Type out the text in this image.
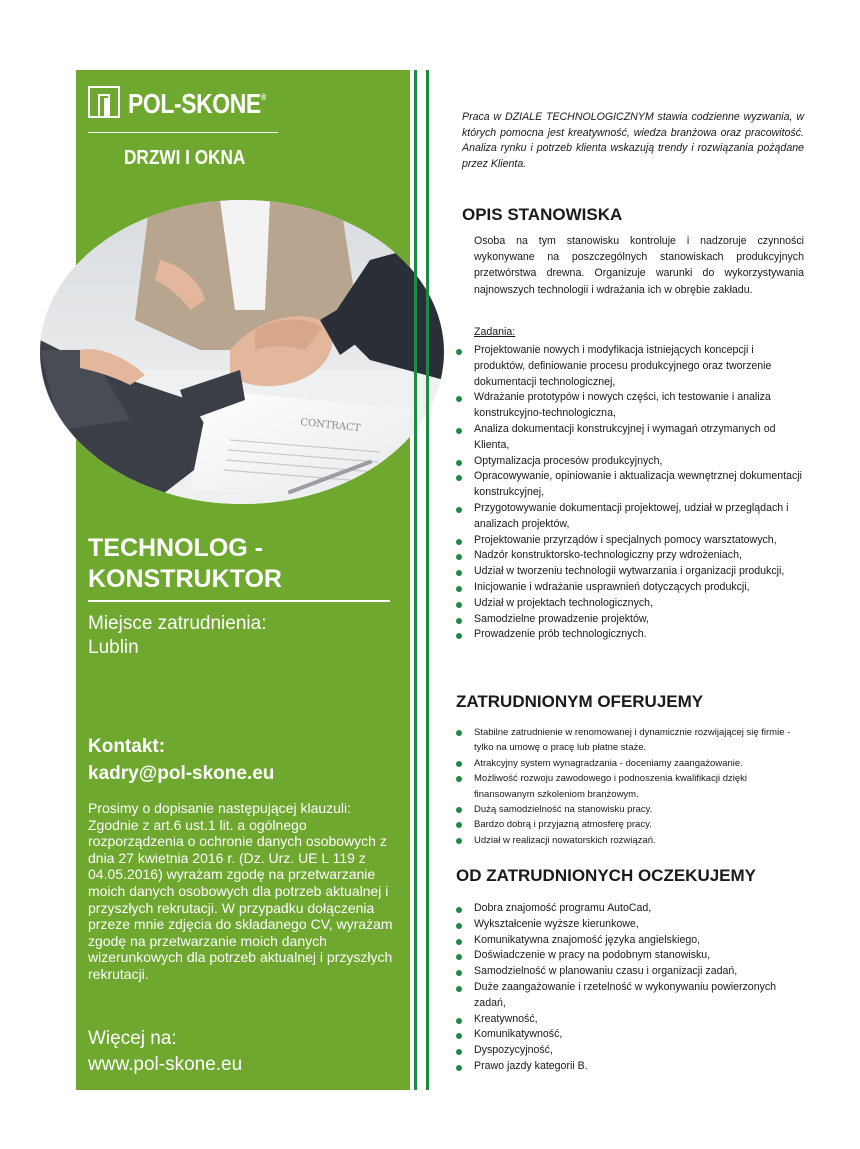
POL-SKONE®
DRZWI I OKNA
CONTRACT
TECHNOLOG - KONSTRUKTOR
Miejsce zatrudnienia:
Lublin
Kontakt:
kadry@pol-skone.eu
Prosimy o dopisanie następującej klauzuli: Zgodnie z art.6 ust.1 lit. a ogólnego rozporządzenia o ochronie danych osobowych z dnia 27 kwietnia 2016 r. (Dz. Urz. UE L 119 z 04.05.2016) wyrażam zgodę na przetwarzanie moich danych osobowych dla potrzeb aktualnej i przyszłych rekrutacji. W przypadku dołączenia przeze mnie zdjęcia do składanego CV, wyrażam zgodę na przetwarzanie moich danych wizerunkowych dla potrzeb aktualnej i przyszłych rekrutacji.
Więcej na:
www.pol-skone.eu
Praca w DZIALE TECHNOLOGICZNYM stawia codzienne wyzwania, w których pomocna jest kreatywność, wiedza branżowa oraz pracowitość. Analiza rynku i potrzeb klienta wskazują trendy i rozwiązania pożądane przez Klienta.
OPIS STANOWISKA
Osoba na tym stanowisku kontroluje i nadzoruje czynności wykonywane na poszczególnych stanowiskach produkcyjnych przetwórstwa drewna. Organizuje warunki do wykorzystywania najnowszych technologii i wdrażania ich w obrębie zakładu.
Zadania:
Projektowanie nowych i modyfikacja istniejących koncepcji i produktów, definiowanie procesu produkcyjnego oraz tworzenie dokumentacji technologicznej,
Wdrażanie prototypów i nowych części, ich testowanie i analiza konstrukcyjno-technologiczna,
Analiza dokumentacji konstrukcyjnej i wymagań otrzymanych od Klienta,
Optymalizacja procesów produkcyjnych,
Opracowywanie, opiniowanie i aktualizacja wewnętrznej dokumentacji konstrukcyjnej,
Przygotowywanie dokumentacji projektowej, udział w przeglądach i analizach projektów,
Projektowanie przyrządów i specjalnych pomocy warsztatowych,
Nadzór konstruktorsko-technologiczny przy wdrożeniach,
Udział w tworzeniu technologii wytwarzania i organizacji produkcji,
Inicjowanie i wdrażanie usprawnień dotyczących produkcji,
Udział w projektach technologicznych,
Samodzielne prowadzenie projektów,
Prowadzenie prób technologicznych.
ZATRUDNIONYM OFERUJEMY
Stabilne zatrudnienie w renomowanej i dynamicznie rozwijającej się firmie - tylko na umowę o pracę lub płatne staże.
Atrakcyjny system wynagradzania - doceniamy zaangażowanie.
Możliwość rozwoju zawodowego i podnoszenia kwalifikacji dzięki finansowanym szkoleniom branżowym.
Dużą samodzielność na stanowisku pracy.
Bardzo dobrą i przyjazną atmosferę pracy.
Udział w realizacji nowatorskich rozwiązań.
OD ZATRUDNIONYCH OCZEKUJEMY
Dobra znajomość programu AutoCad,
Wykształcenie wyższe kierunkowe,
Komunikatywna znajomość języka angielskiego,
Doświadczenie w pracy na podobnym stanowisku,
Samodzielność w planowaniu czasu i organizacji zadań,
Duże zaangażowanie i rzetelność w wykonywaniu powierzonych zadań,
Kreatywność,
Komunikatywność,
Dyspozycyjność,
Prawo jazdy kategorii B.
